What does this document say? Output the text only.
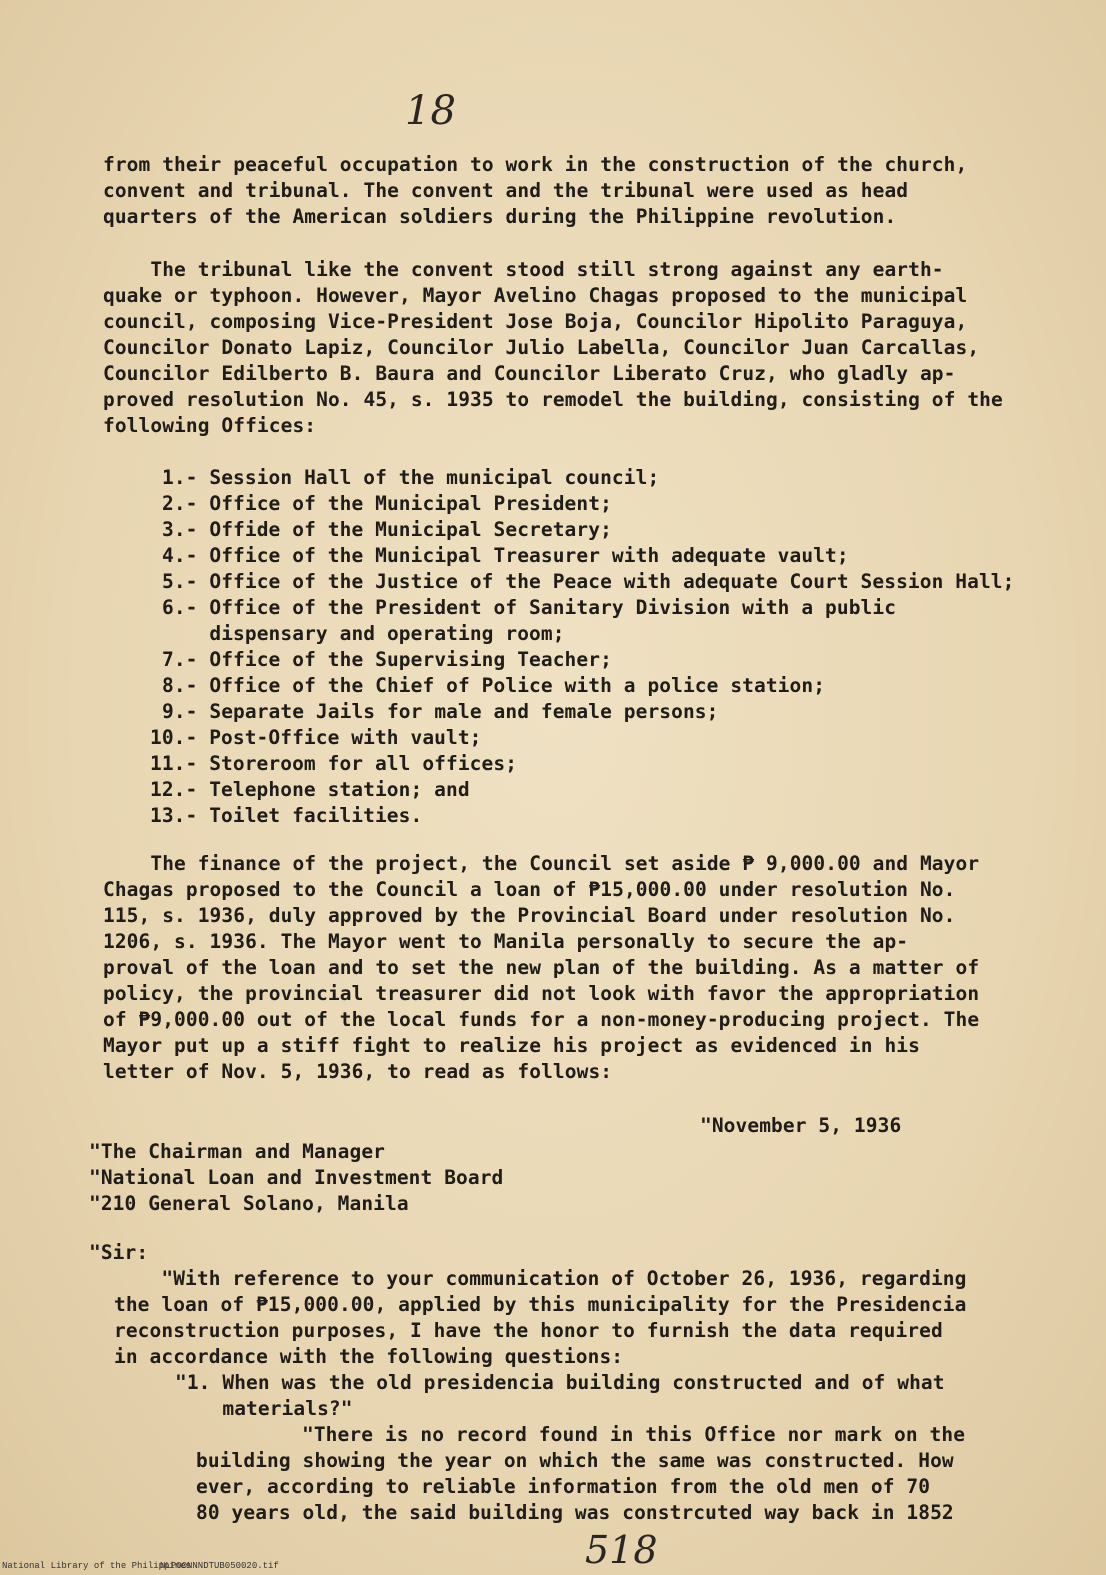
18
from their peaceful occupation to work in the construction of the church,
convent and tribunal. The convent and the tribunal were used as head
quarters of the American soldiers during the Philippine revolution.
The tribunal like the convent stood still strong against any earth-
quake or typhoon. However, Mayor Avelino Chagas proposed to the municipal
council, composing Vice-President Jose Boja, Councilor Hipolito Paraguya,
Councilor Donato Lapiz, Councilor Julio Labella, Councilor Juan Carcallas,
Councilor Edilberto B. Baura and Councilor Liberato Cruz, who gladly ap-
proved resolution No. 45, s. 1935 to remodel the building, consisting of the
following Offices:
1.- Session Hall of the municipal council;
2.- Office of the Municipal President;
3.- Offide of the Municipal Secretary;
4.- Office of the Municipal Treasurer with adequate vault;
5.- Office of the Justice of the Peace with adequate Court Session Hall;
6.- Office of the President of Sanitary Division with a public
dispensary and operating room;
7.- Office of the Supervising Teacher;
8.- Office of the Chief of Police with a police station;
9.- Separate Jails for male and female persons;
10.- Post-Office with vault;
11.- Storeroom for all offices;
12.- Telephone station; and
13.- Toilet facilities.
The finance of the project, the Council set aside ₱ 9,000.00 and Mayor
Chagas proposed to the Council a loan of ₱15,000.00 under resolution No.
115, s. 1936, duly approved by the Provincial Board under resolution No.
1206, s. 1936. The Mayor went to Manila personally to secure the ap-
proval of the loan and to set the new plan of the building. As a matter of
policy, the provincial treasurer did not look with favor the appropriation
of ₱9,000.00 out of the local funds for a non-money-producing project. The
Mayor put up a stiff fight to realize his project as evidenced in his
letter of Nov. 5, 1936, to read as follows:
"November 5, 1936
"The Chairman and Manager
"National Loan and Investment Board
"210 General Solano, Manila
"Sir:
"With reference to your communication of October 26, 1936, regarding
the loan of ₱15,000.00, applied by this municipality for the Presidencia
reconstruction purposes, I have the honor to furnish the data required
in accordance with the following questions:
"1. When was the old presidencia building constructed and of what
materials?"
"There is no record found in this Office nor mark on the
building showing the year on which the same was constructed. How
ever, according to reliable information from the old men of 70
80 years old, the said building was constrcuted way back in 1852
518
National Library of the Philippines
NLP00NNNDTUB050020.tif
